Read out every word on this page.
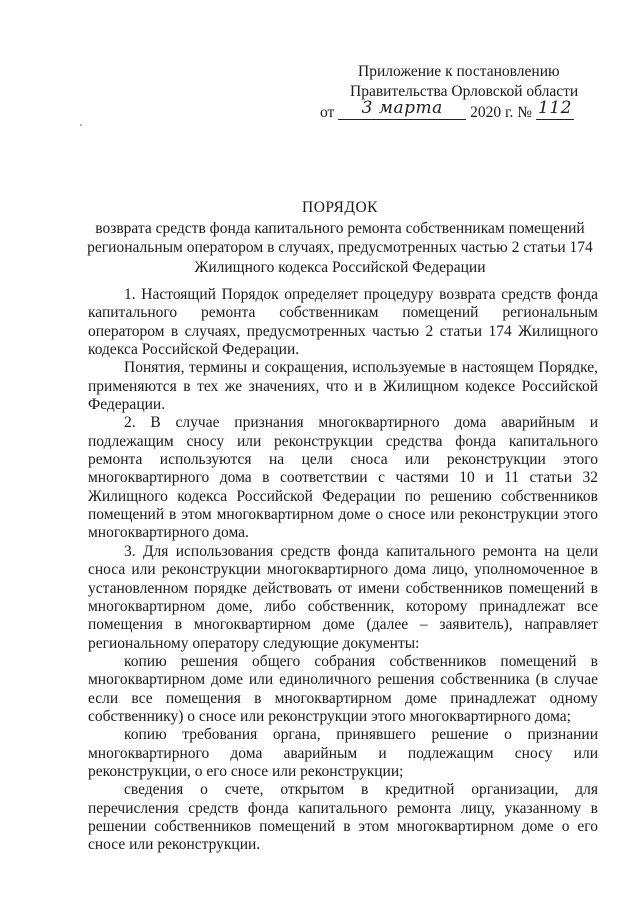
Приложение к постановлению
Правительства Орловской области
от 3 марта 2020 г. № 112
ПОРЯДОК
возврата средств фонда капитального ремонта собственникам помещений
региональным оператором в случаях, предусмотренных частью 2 статьи 174
Жилищного кодекса Российской Федерации

1. Настоящий Порядок определяет процедуру возврата средств фонда капитального ремонта собственникам помещений региональным оператором в случаях, предусмотренных частью 2 статьи 174 Жилищного кодекса Российской Федерации.

Понятия, термины и сокращения, используемые в настоящем Порядке, применяются в тех же значениях, что и в Жилищном кодексе Российской Федерации.

2. В случае признания многоквартирного дома аварийным и подлежащим сносу или реконструкции средства фонда капитального ремонта используются на цели сноса или реконструкции этого многоквартирного дома в соответствии с частями 10 и 11 статьи 32 Жилищного кодекса Российской Федерации по решению собственников помещений в этом многоквартирном доме о сносе или реконструкции этого многоквартирного дома.

3. Для использования средств фонда капитального ремонта на цели сноса или реконструкции многоквартирного дома лицо, уполномоченное в установленном порядке действовать от имени собственников помещений в многоквартирном доме, либо собственник, которому принадлежат все помещения в многоквартирном доме (далее – заявитель), направляет региональному оператору следующие документы:

копию решения общего собрания собственников помещений в многоквартирном доме или единоличного решения собственника (в случае если все помещения в многоквартирном доме принадлежат одному собственнику) о сносе или реконструкции этого многоквартирного дома;

копию требования органа, принявшего решение о признании многоквартирного дома аварийным и подлежащим сносу или реконструкции, о его сносе или реконструкции;

сведения о счете, открытом в кредитной организации, для перечисления средств фонда капитального ремонта лицу, указанному в решении собственников помещений в этом многоквартирном доме о его сносе или реконструкции.
